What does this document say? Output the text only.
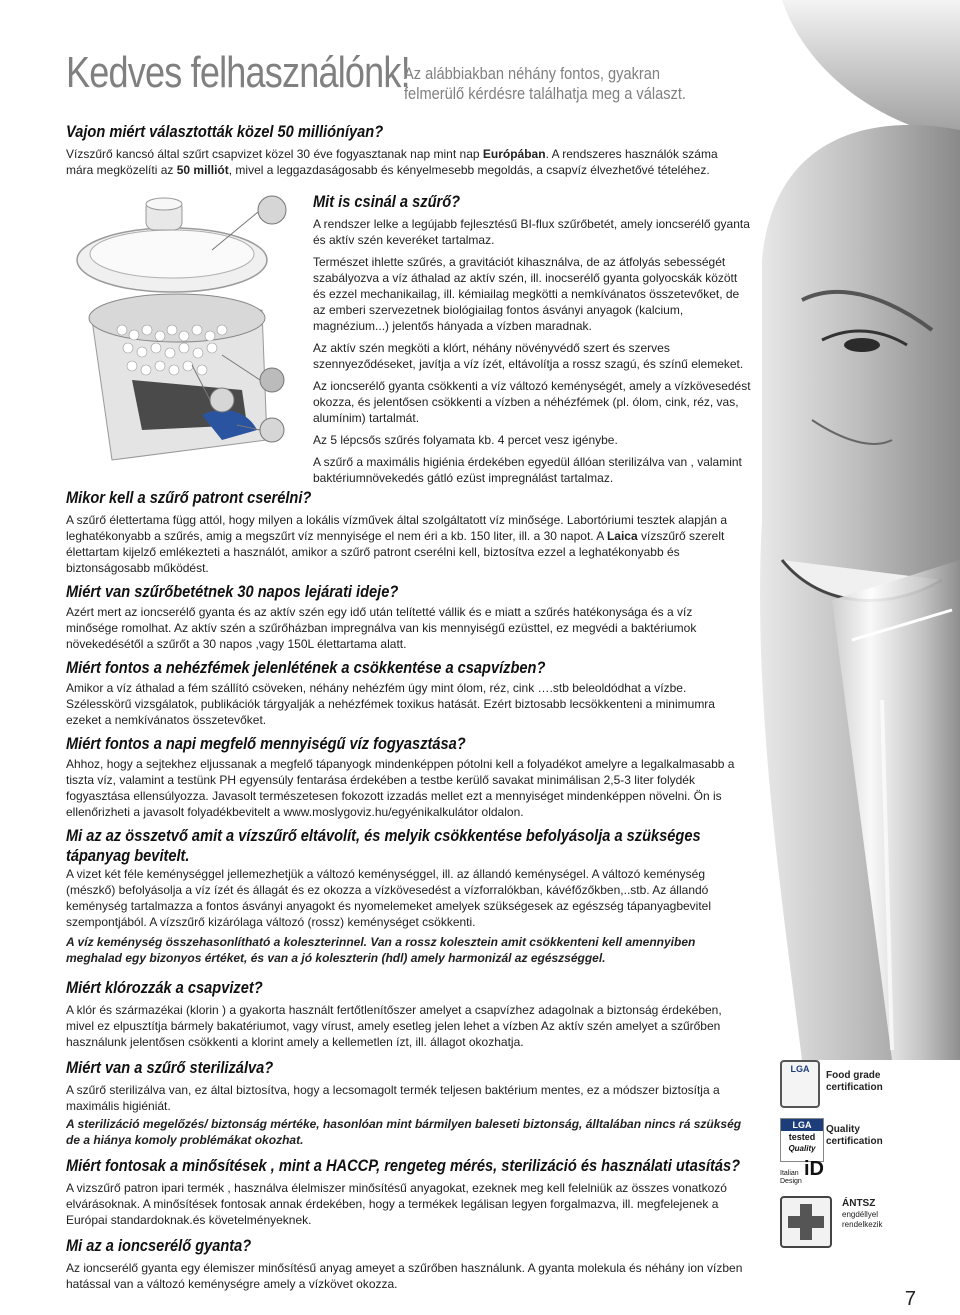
Kedves felhasználónk!
Az alábbiakban néhány fontos, gyakran
felmerülő kérdésre találhatja meg a választ.
Vajon miért választották közel 50 millióníyan?

Vízszűrő kancsó által szűrt csapvizet közel 30 éve fogyasztanak nap mint nap Európában. A rendszeres használók száma
mára megközelíti az 50 milliót, mivel a leggazdaságosabb és kényelmesebb megoldás, a csapvíz élvezhetővé tételéhez.

Mit is csinál a szűrő?

A rendszer lelke a legújabb fejlesztésű BI-flux szűrőbetét, amely ioncserélő gyanta és aktív szén keveréket tartalmaz.

Természet ihlette szűrés, a gravitációt kihasználva, de az átfolyás sebességét szabályozva a víz áthalad az aktív szén, ill. inocserélő gyanta golyocskák között és ezzel mechanikailag, ill. kémiailag megkötti a nemkívánatos összetevőket, de az emberi szervezetnek biológiailag fontos ásványi anyagok (kalcium, magnézium...) jelentős hányada a vízben maradnak.

Az aktív szén megköti a klórt, néhány növényvédő szert és szerves szennyeződéseket, javítja a víz ízét, eltávolítja a rossz szagú, és színű elemeket.

Az ioncserélő gyanta csökkenti a víz változó keménységét, amely a vízkövesedést okozza, és jelentősen csökkenti a vízben a néhézfémek (pl. ólom, cink, réz, vas, alumínim) tartalmát.

Az 5 lépcsős szűrés folyamata kb. 4 percet vesz igénybe.

A szűrő a maximális higiénia érdekében egyedül állóan sterilizálva van , valamint baktériumnövekedés gátló ezüst impregnálást tartalmaz.

Mikor kell a szűrő patront cserélni?

A szűrő élettertama függ attól, hogy milyen a lokális vízművek által szolgáltatott víz minősége. Labortóriumi tesztek alapján a leghatékonyabb a szűrés, amig a megszűrt víz mennyisége el nem éri a kb. 150 liter, ill. a 30 napot. A Laica vízszűrő szerelt élettartam kijelző emlékezteti a használót, amikor a szűrő patront cserélni kell, biztosítva ezzel a leghatékonyabb és biztonságosabb működést.

Miért van szűrőbetétnek 30 napos lejárati ideje?

Azért mert az ioncserélő gyanta és az aktív szén egy idő után telítetté vállik és e miatt a szűrés hatékonysága és a víz minősége romolhat. Az aktív szén a szűrőházban impregnálva van kis mennyiségű ezüsttel, ez megvédi a baktériumok növekedésétől a szűrőt a 30 napos ,vagy 150L élettartama alatt.

Miért fontos a nehézfémek jelenlétének a csökkentése a csapvízben?

Amikor a víz áthalad a fém szállító csöveken, néhány nehézfém úgy mint ólom, réz, cink ….stb beleoldódhat a vízbe. Szélesskörű vizsgálatok, publikációk tárgyalják a nehézfémek toxikus hatását. Ezért biztosabb lecsökkenteni a minimumra ezeket a nemkívánatos összetevőket.

Miért fontos a napi megfelő mennyiségű víz fogyasztása?

Ahhoz, hogy a sejtekhez eljussanak a megfelő tápanyogk mindenképpen pótolni kell a folyadékot amelyre a legalkalmasabb a tiszta víz, valamint a testünk PH egyensúly fentarása érdekében a testbe kerülő savakat minimálisan 2,5-3 liter folydék fogyasztása ellensúlyozza. Javasolt természetesen fokozott izzadás mellet ezt a mennyiséget mindenképpen növelni. Ön is ellenőrizheti a javasolt folyadékbevitelt a www.moslygoviz.hu/egyénikalkulátor oldalon.

Mi az az összetvő amit a vízszűrő eltávolít, és melyik csökkentése befolyásolja a szükséges tápanyag bevitelt.

A vizet két féle keménységgel jellemezhetjük a változó keménységgel, ill. az állandó keménységel. A változó keménység (mészkő) befolyásolja a víz ízét és állagát és ez okozza a vízkövesedést a vízforralókban, kávéfőzőkben,..stb. Az állandó keménység tartalmazza a fontos ásványi anyagokt és nyomelemeket amelyek szükségesek az egészség tápanyagbevitel szempontjából. A vízszűrő kizárólaga változó (rossz) keménységet csökkenti.

A víz keménység összehasonlítható a koleszterinnel. Van a rossz kolesztein amit csökkenteni kell amennyiben meghalad egy bizonyos értéket, és van a jó koleszterin (hdl) amely harmonizál az egészséggel.

Miért klórozzák a csapvizet?

A klór és származékai (klorin ) a gyakorta használt fertőtlenítőszer amelyet a csapvízhez adagolnak a biztonság érdekében, mivel ez elpusztítja bármely bakatériumot, vagy vírust, amely esetleg jelen lehet a vízben Az aktív szén amelyet a szűrőben használunk jelentősen csökkenti a klorint amely a kellemetlen ízt, ill. állagot okozhatja.

Miért van a szűrő sterilizálva?

A szűrő sterilizálva van, ez által biztosítva, hogy a lecsomagolt termék teljesen baktérium mentes, ez a módszer biztosítja a maximális higiéniát.

A sterilizáció megelőzés/ biztonság mértéke, hasonlóan mint bármilyen baleseti biztonság, álltalában nincs rá szükség de a hiánya komoly problémákat okozhat.

Miért fontosak a minősítések , mint a HACCP, rengeteg mérés, sterilizáció és használati utasítás?

A vizszűrő patron ipari termék , használva élelmiszer minősítésű anyagokat, ezeknek meg kell felelniük az összes vonatkozó elvárásoknak. A minősítések fontosak annak érdekében, hogy a termékek legálisan legyen forgalmazva, ill. megfelejenek a Európai standardoknak.és követelményeknek.

Mi az a ioncserélő gyanta?

Az ioncserélő gyanta egy élemiszer minősítésű anyag ameyet a szűrőben használunk. A gyanta molekula és néhány ion vízben hatással van a változó keménységre amely a vízkövet okozza.

LGA
Food grade
certification
LGA
tested
Quality
Quality
certification
iD
Italian
Design
ÁNTSZ
engdéllyel
rendelkezik
7
